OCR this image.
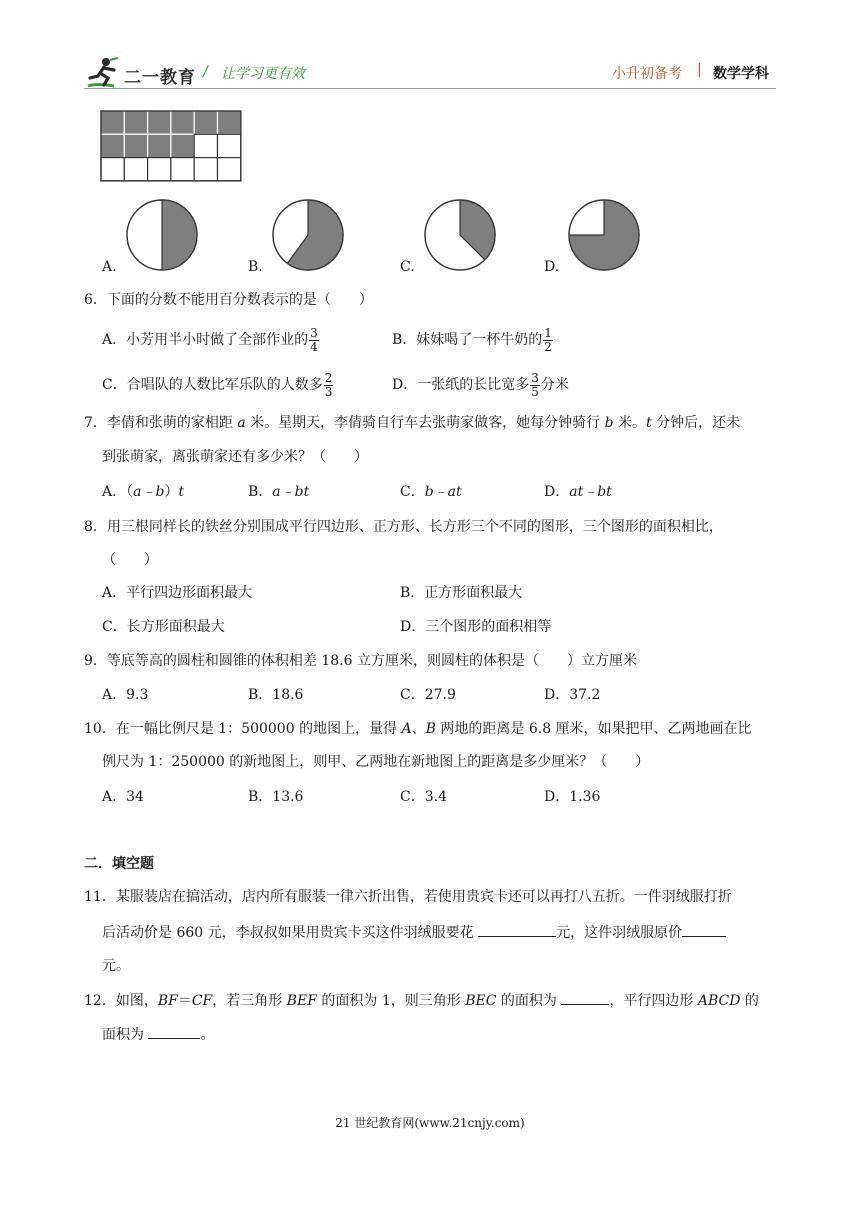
二一教育 / 让学习更有效	小升初备考 | 数学学科
A.	B.	C.	D.
6．下面的分数不能用百分数表示的是（　　）
A．小芳用半小时做了全部作业的 $\frac{3}{4}$	B．妹妹喝了一杯牛奶的 $\frac{1}{2}$
C．合唱队的人数比军乐队的人数多 $\frac{2}{3}$	D．一张纸的长比宽多 $\frac{3}{5}$ 分米
7．李倩和张萌的家相距 a 米。星期天，李倩骑自行车去张萌家做客，她每分钟骑行 b 米。t 分钟后，还未
到张萌家，离张萌家还有多少米？（　　）
A．（a﹣b）t	B．a﹣bt	C．b﹣at	D．at﹣bt
8．用三根同样长的铁丝分别围成平行四边形、正方形、长方形三个不同的图形，三个图形的面积相比，
（　　）
A．平行四边形面积最大	B．正方形面积最大
C．长方形面积最大	D．三个图形的面积相等
9．等底等高的圆柱和圆锥的体积相差 18.6 立方厘米，则圆柱的体积是（　　）立方厘米
A．9.3	B．18.6	C．27.9	D．37.2
10．在一幅比例尺是 1：500000 的地图上，量得 A、B 两地的距离是 6.8 厘米，如果把甲、乙两地画在比
例尺为 1：250000 的新地图上，则甲、乙两地在新地图上的距离是多少厘米？（　　）
A．34	B．13.6	C．3.4	D．1.36
二．填空题
11．某服装店在搞活动，店内所有服装一律六折出售，若使用贵宾卡还可以再打八五折。一件羽绒服打折
后活动价是 660 元，李叔叔如果用贵宾卡买这件羽绒服要花	元，这件羽绒服原价
元。
12．如图，BF＝CF，若三角形 BEF 的面积为 1，则三角形 BEC 的面积为	，平行四边形 ABCD 的
面积为	。
21 世纪教育网(www.21cnjy.com)
